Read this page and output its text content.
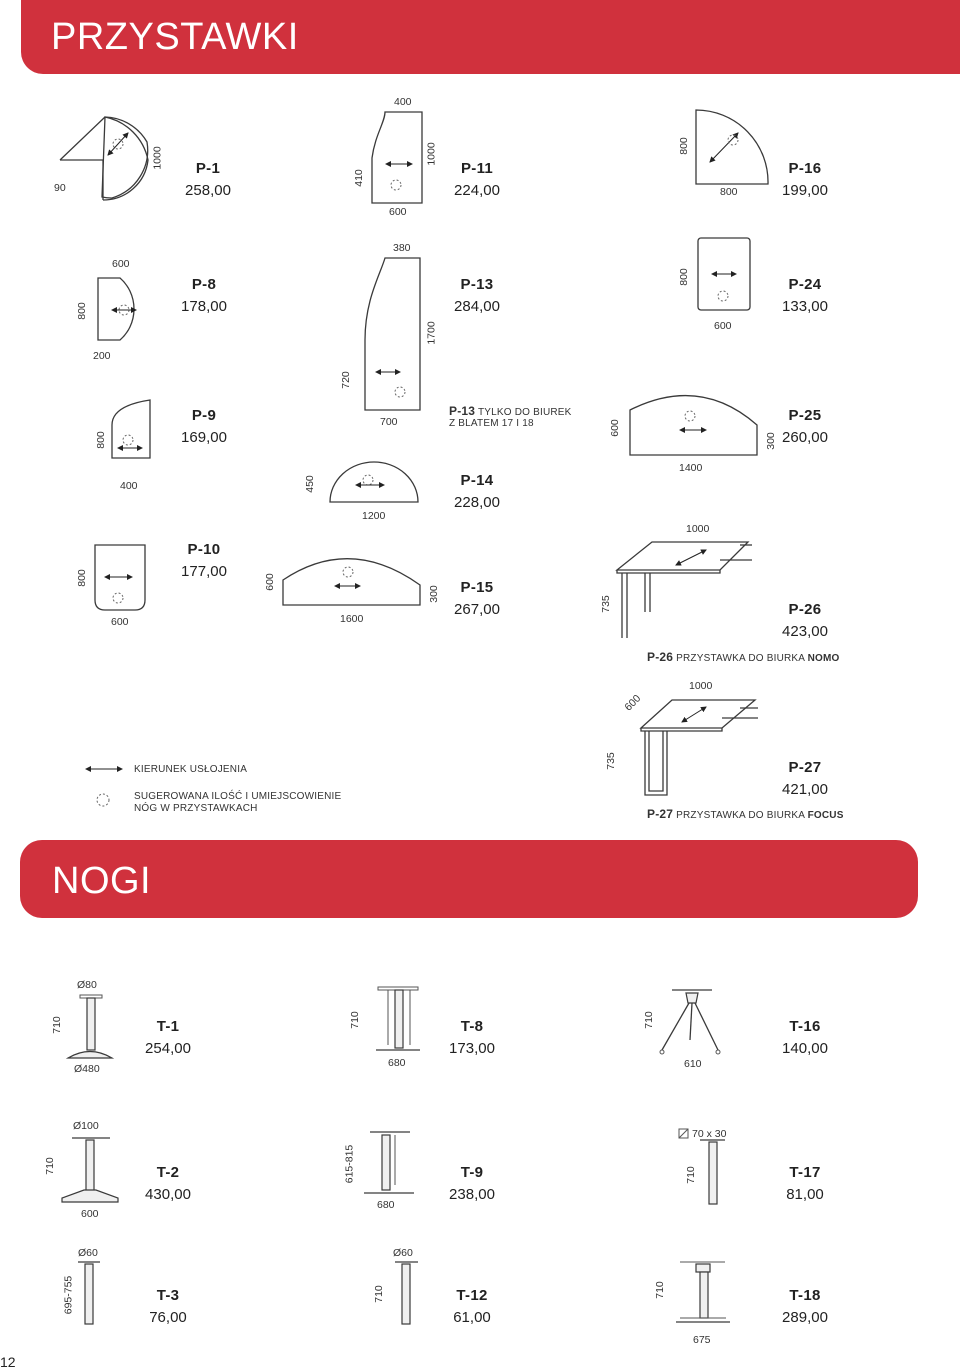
PRZYSTAWKI
NOGI
P-1
258,00
P-11
224,00
P-16
199,00
P-8
178,00
P-13
284,00
P-24
133,00
P-9
169,00
P-25
260,00
P-14
228,00
P-10
177,00
P-15
267,00	P-26
423,00
P-27
421,00
T-1
254,00
T-8
173,00
T-16
140,00
T-2
430,00
T-9
238,00
T-17
81,00
T-3
76,00
T-12
61,00
T-18
289,00
P-13 TYLKO DO BIUREK
Z BLATEM 17 I 18
P-26 PRZYSTAWKA DO BIURKA NOMO
P-27 PRZYSTAWKA DO BIURKA FOCUS
KIERUNEK USŁOJENIA
SUGEROWANA ILOŚĆ I UMIEJSCOWIENIE
NÓG W PRZYSTAWKACH
90
1000
400
410
1000
600
800
800
600
800
200
380
1700
720
700
800
600
800
400	450
1200
600
1400
300
800
600
600
1600
300
1000
735
1000
600
735
Ø80
710
Ø480
710
680
710
610
Ø100
710
600
615-815
680
70 x 30
710
Ø60
695-755
Ø60
710	710
675
12
